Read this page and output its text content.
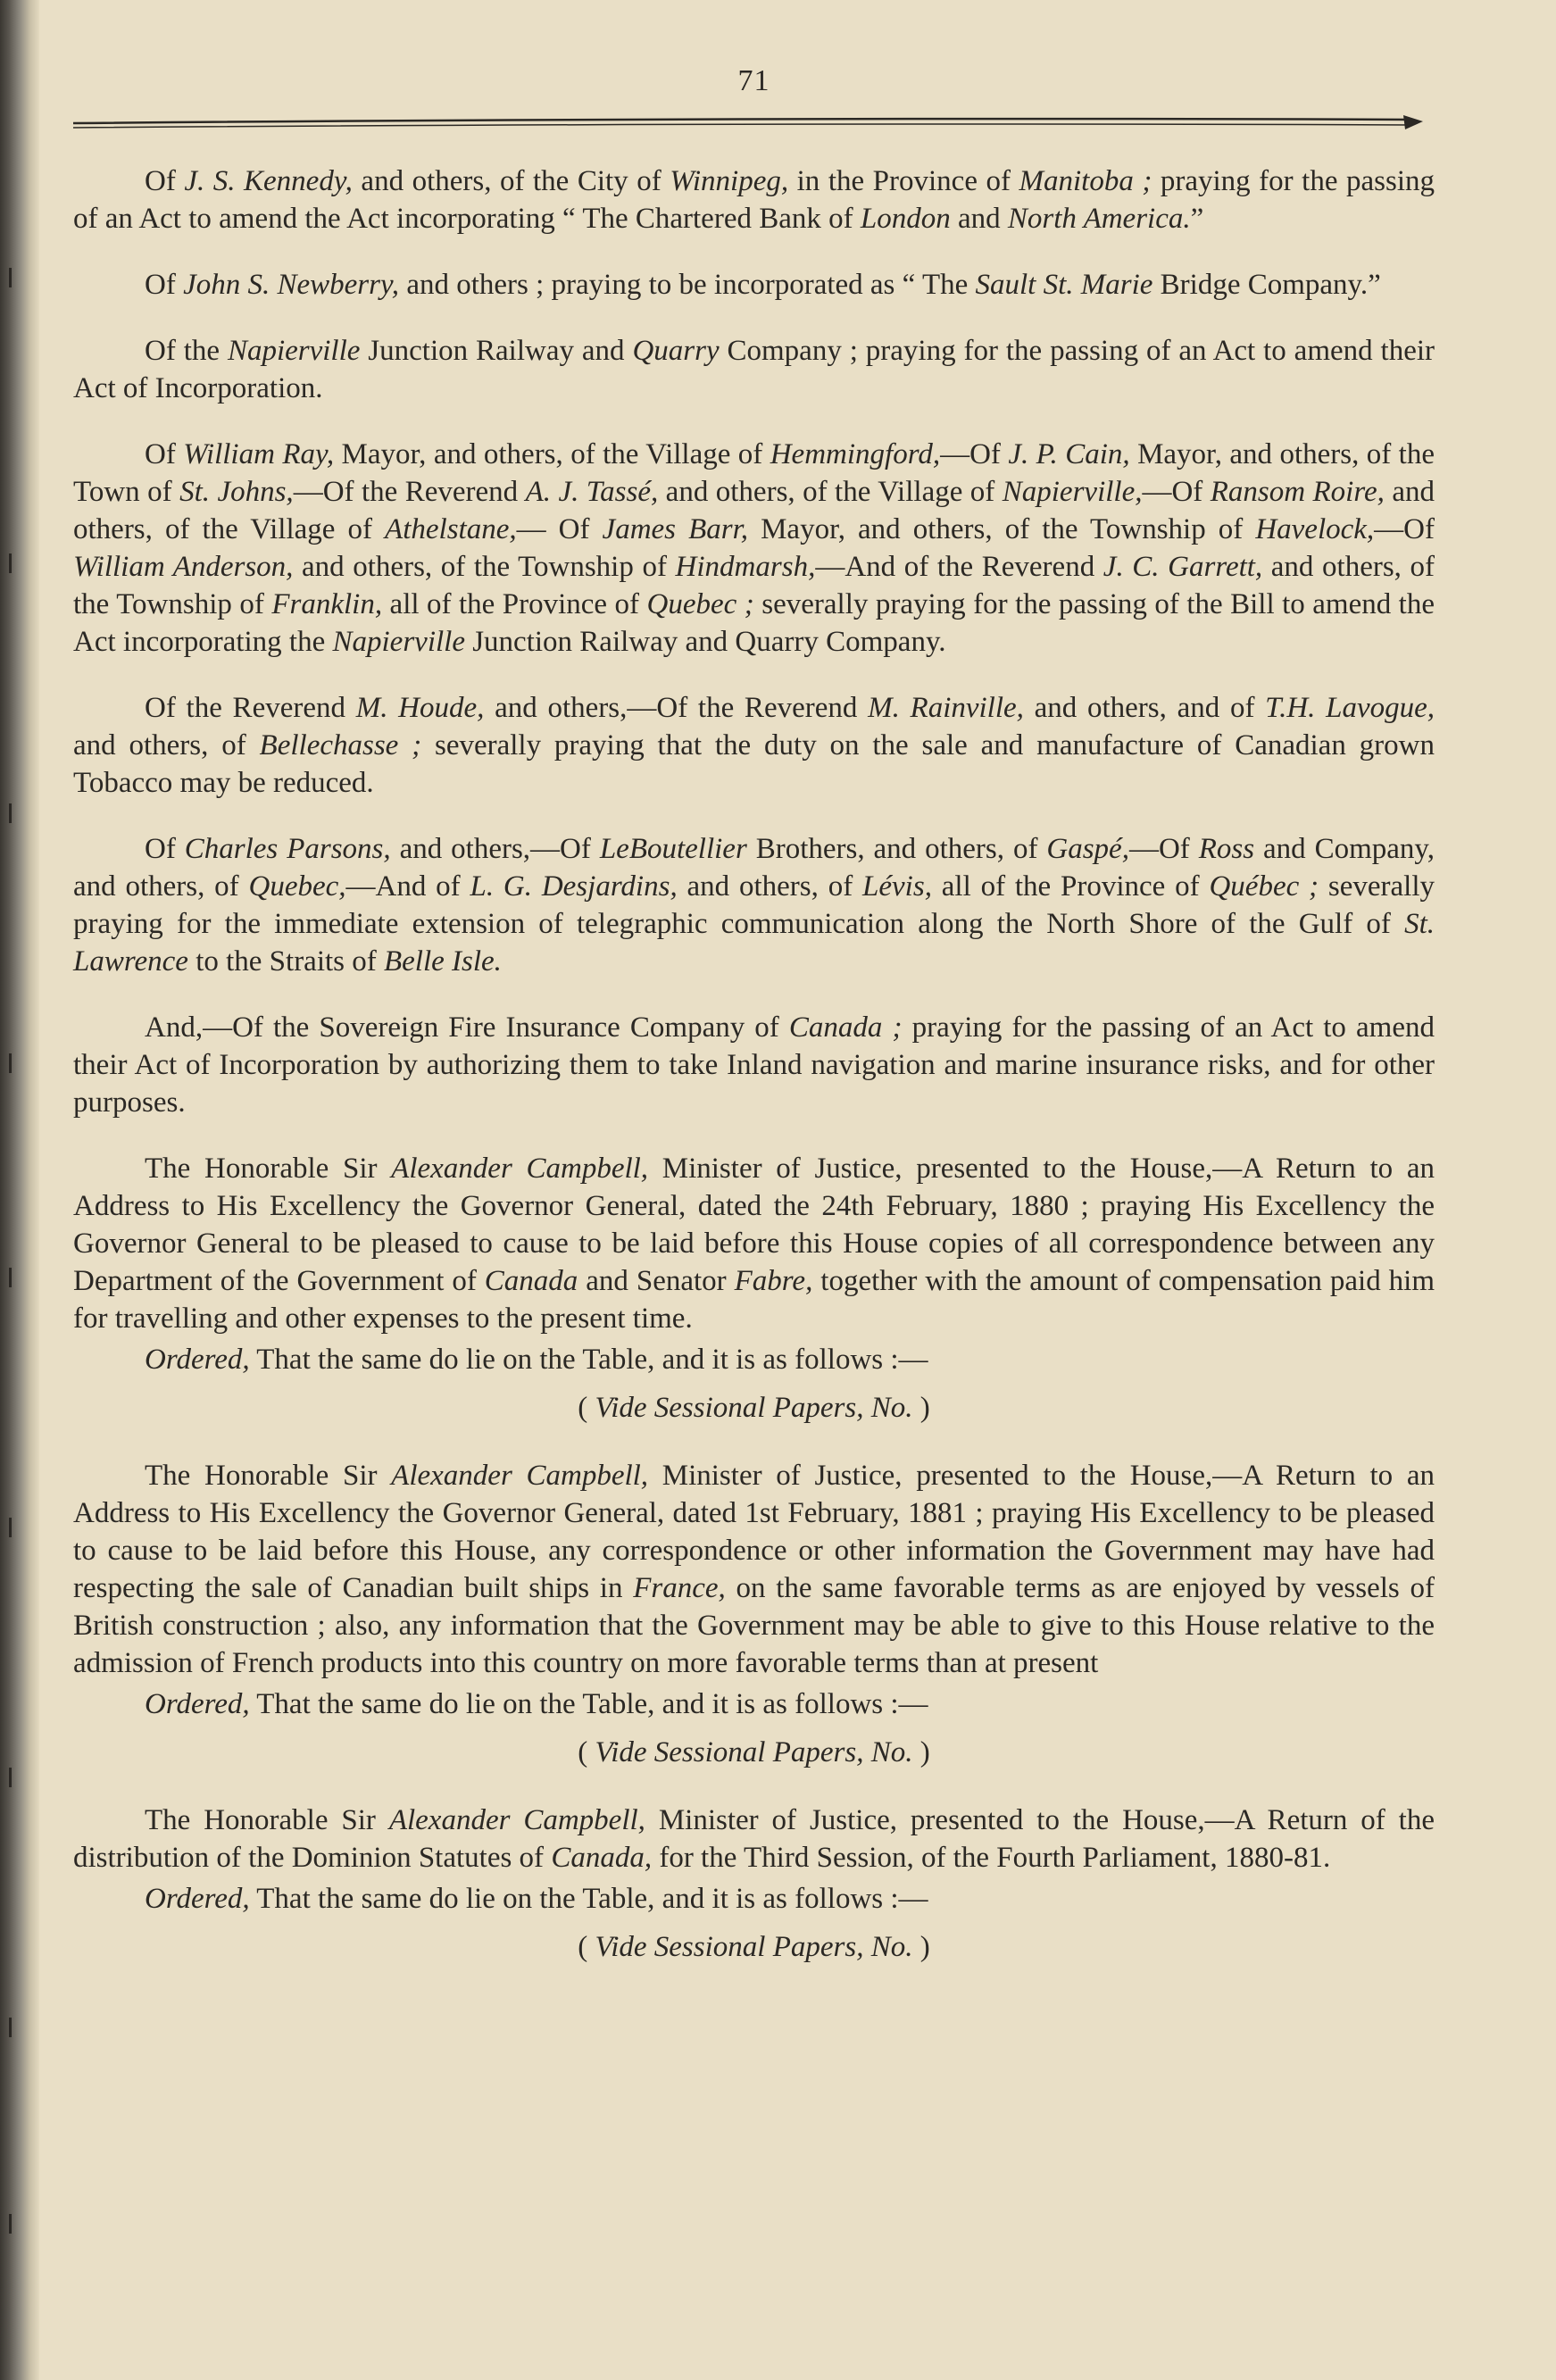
71

Of J. S. Kennedy, and others, of the City of Winnipeg, in the Province of Manitoba ; praying for the passing of an Act to amend the Act incorporating “ The Chartered Bank of London and North America.”

Of John S. Newberry, and others ; praying to be incorporated as “ The Sault St. Marie Bridge Company.”

Of the Napierville Junction Railway and Quarry Company ; praying for the passing of an Act to amend their Act of Incorporation.

Of William Ray, Mayor, and others, of the Village of Hemmingford,—Of J. P. Cain, Mayor, and others, of the Town of St. Johns,—Of the Reverend A. J. Tassé, and others, of the Village of Napierville,—Of Ransom Roire, and others, of the Village of Athelstane,— Of James Barr, Mayor, and others, of the Township of Havelock,—Of William Anderson, and others, of the Township of Hindmarsh,—And of the Reverend J. C. Garrett, and others, of the Township of Franklin, all of the Province of Quebec ; severally praying for the passing of the Bill to amend the Act incorporating the Napierville Junction Railway and Quarry Company.

Of the Reverend M. Houde, and others,—Of the Reverend M. Rainville, and others, and of T.H. Lavogue, and others, of Bellechasse ; severally praying that the duty on the sale and manufacture of Canadian grown Tobacco may be reduced.

Of Charles Parsons, and others,—Of LeBoutellier Brothers, and others, of Gaspé,—Of Ross and Company, and others, of Quebec,—And of L. G. Desjardins, and others, of Lévis, all of the Province of Québec ; severally praying for the immediate extension of telegraphic communication along the North Shore of the Gulf of St. Lawrence to the Straits of Belle Isle.

And,—Of the Sovereign Fire Insurance Company of Canada ; praying for the passing of an Act to amend their Act of Incorporation by authorizing them to take Inland navigation and marine insurance risks, and for other purposes.

The Honorable Sir Alexander Campbell, Minister of Justice, presented to the House,—A Return to an Address to His Excellency the Governor General, dated the 24th February, 1880 ; praying His Excellency the Governor General to be pleased to cause to be laid before this House copies of all correspondence between any Department of the Government of Canada and Senator Fabre, together with the amount of compensation paid him for travelling and other expenses to the present time.

Ordered, That the same do lie on the Table, and it is as follows :—

( Vide Sessional Papers, No. )

The Honorable Sir Alexander Campbell, Minister of Justice, presented to the House,—A Return to an Address to His Excellency the Governor General, dated 1st February, 1881 ; praying His Excellency to be pleased to cause to be laid before this House, any correspondence or other information the Government may have had respecting the sale of Canadian built ships in France, on the same favorable terms as are enjoyed by vessels of British construction ; also, any information that the Government may be able to give to this House relative to the admission of French products into this country on more favorable terms than at present

Ordered, That the same do lie on the Table, and it is as follows :—

( Vide Sessional Papers, No. )

The Honorable Sir Alexander Campbell, Minister of Justice, presented to the House,—A Return of the distribution of the Dominion Statutes of Canada, for the Third Session, of the Fourth Parliament, 1880-81.

Ordered, That the same do lie on the Table, and it is as follows :—

( Vide Sessional Papers, No. )
